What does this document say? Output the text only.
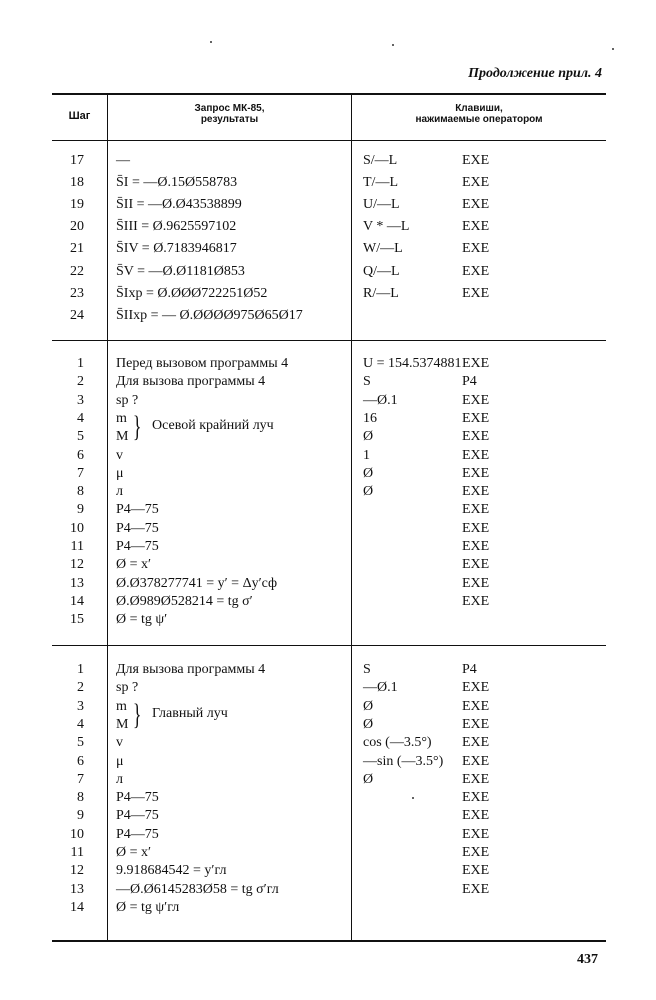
Продолжение прил. 4
Шаг
Запрос МК-85,
результаты
Клавиши,
нажимаемые оператором
17 —	S/—L	EXE
18 S̄I = —Ø.15Ø558783	T/—L	EXE
19 S̄II = —Ø.Ø43538899	U/—L	EXE
20 S̄III = Ø.9625597102	V * —L	EXE
21 S̄IV = Ø.7183946817	W/—L	EXE
22 S̄V = —Ø.Ø1181Ø853	Q/—L	EXE
23 S̄Ixp = Ø.ØØØ722251Ø52	R/—L	EXE
24 S̄IIxp = — Ø.ØØØØ975Ø65Ø17
1 Перед вызовом программы 4	U = 154.5374881 EXE
2 Для вызова программы 4	S	P4
3 sp ?	—Ø.1	EXE
4 m	16	EXE
5 M	Ø	EXE
6 v	1	EXE
7 μ	Ø	EXE
8 л	Ø	EXE
9 P4—75	EXE
10 P4—75	EXE
11 P4—75	EXE
12 Ø = x′	EXE
13 Ø.Ø378277741 = y′ = Δy′сф	EXE
14 Ø.Ø989Ø528214 = tg σ′	EXE
15 Ø = tg ψ′
1 Для вызова программы 4	S	P4
2 sp ?	—Ø.1	EXE
3 m	Ø	EXE
4 M	Ø	EXE
5 v	cos (—3.5°) EXE
6 μ	—sin (—3.5°) EXE
7 л	Ø	EXE
8 P4—75	EXE
9 P4—75	EXE
10 P4—75	EXE
11 Ø = x′	EXE
12 9.918684542 = y′гл	EXE
13 —Ø.Ø6145283Ø58 = tg σ′гл	EXE
14 Ø = tg ψ′гл
} Осевой крайний луч
} Главный луч
437
